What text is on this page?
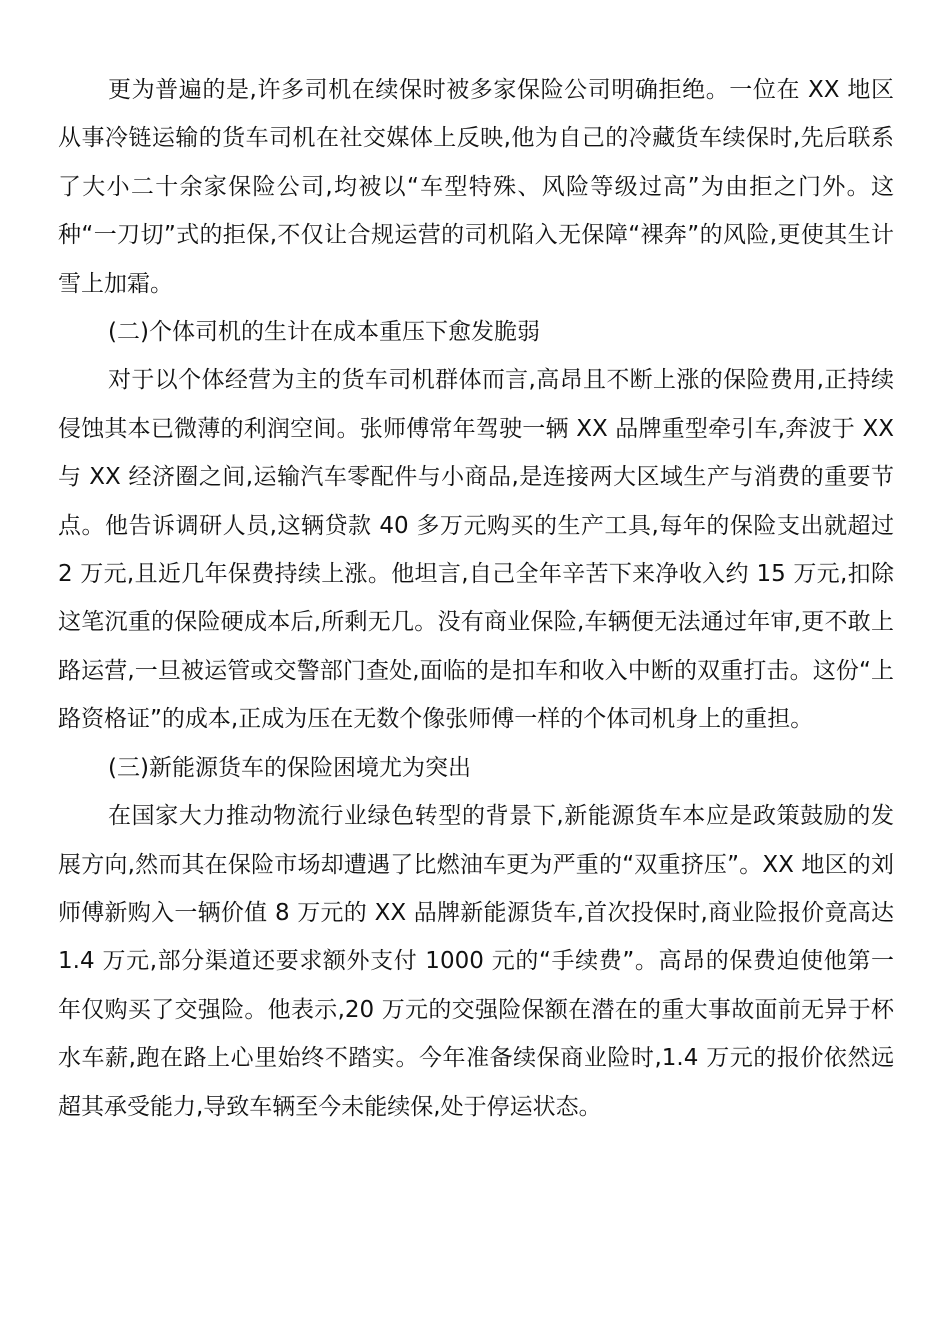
更为普遍的是,许多司机在续保时被多家保险公司明确拒绝。一位在 XX 地区从事冷链运输的货车司机在社交媒体上反映,他为自己的冷藏货车续保时,先后联系了大小二十余家保险公司,均被以“车型特殊、风险等级过高”为由拒之门外。这种“一刀切”式的拒保,不仅让合规运营的司机陷入无保障“裸奔”的风险,更使其生计雪上加霜。

(二)个体司机的生计在成本重压下愈发脆弱

对于以个体经营为主的货车司机群体而言,高昂且不断上涨的保险费用,正持续侵蚀其本已微薄的利润空间。张师傅常年驾驶一辆 XX 品牌重型牵引车,奔波于 XX 与 XX 经济圈之间,运输汽车零配件与小商品,是连接两大区域生产与消费的重要节点。他告诉调研人员,这辆贷款 40 多万元购买的生产工具,每年的保险支出就超过 2 万元,且近几年保费持续上涨。他坦言,自己全年辛苦下来净收入约 15 万元,扣除这笔沉重的保险硬成本后,所剩无几。没有商业保险,车辆便无法通过年审,更不敢上路运营,一旦被运管或交警部门查处,面临的是扣车和收入中断的双重打击。这份“上路资格证”的成本,正成为压在无数个像张师傅一样的个体司机身上的重担。

(三)新能源货车的保险困境尤为突出

在国家大力推动物流行业绿色转型的背景下,新能源货车本应是政策鼓励的发展方向,然而其在保险市场却遭遇了比燃油车更为严重的“双重挤压”。XX 地区的刘师傅新购入一辆价值 8 万元的 XX 品牌新能源货车,首次投保时,商业险报价竟高达 1.4 万元,部分渠道还要求额外支付 1000 元的“手续费”。高昂的保费迫使他第一年仅购买了交强险。他表示,20 万元的交强险保额在潜在的重大事故面前无异于杯水车薪,跑在路上心里始终不踏实。今年准备续保商业险时,1.4 万元的报价依然远超其承受能力,导致车辆至今未能续保,处于停运状态。
